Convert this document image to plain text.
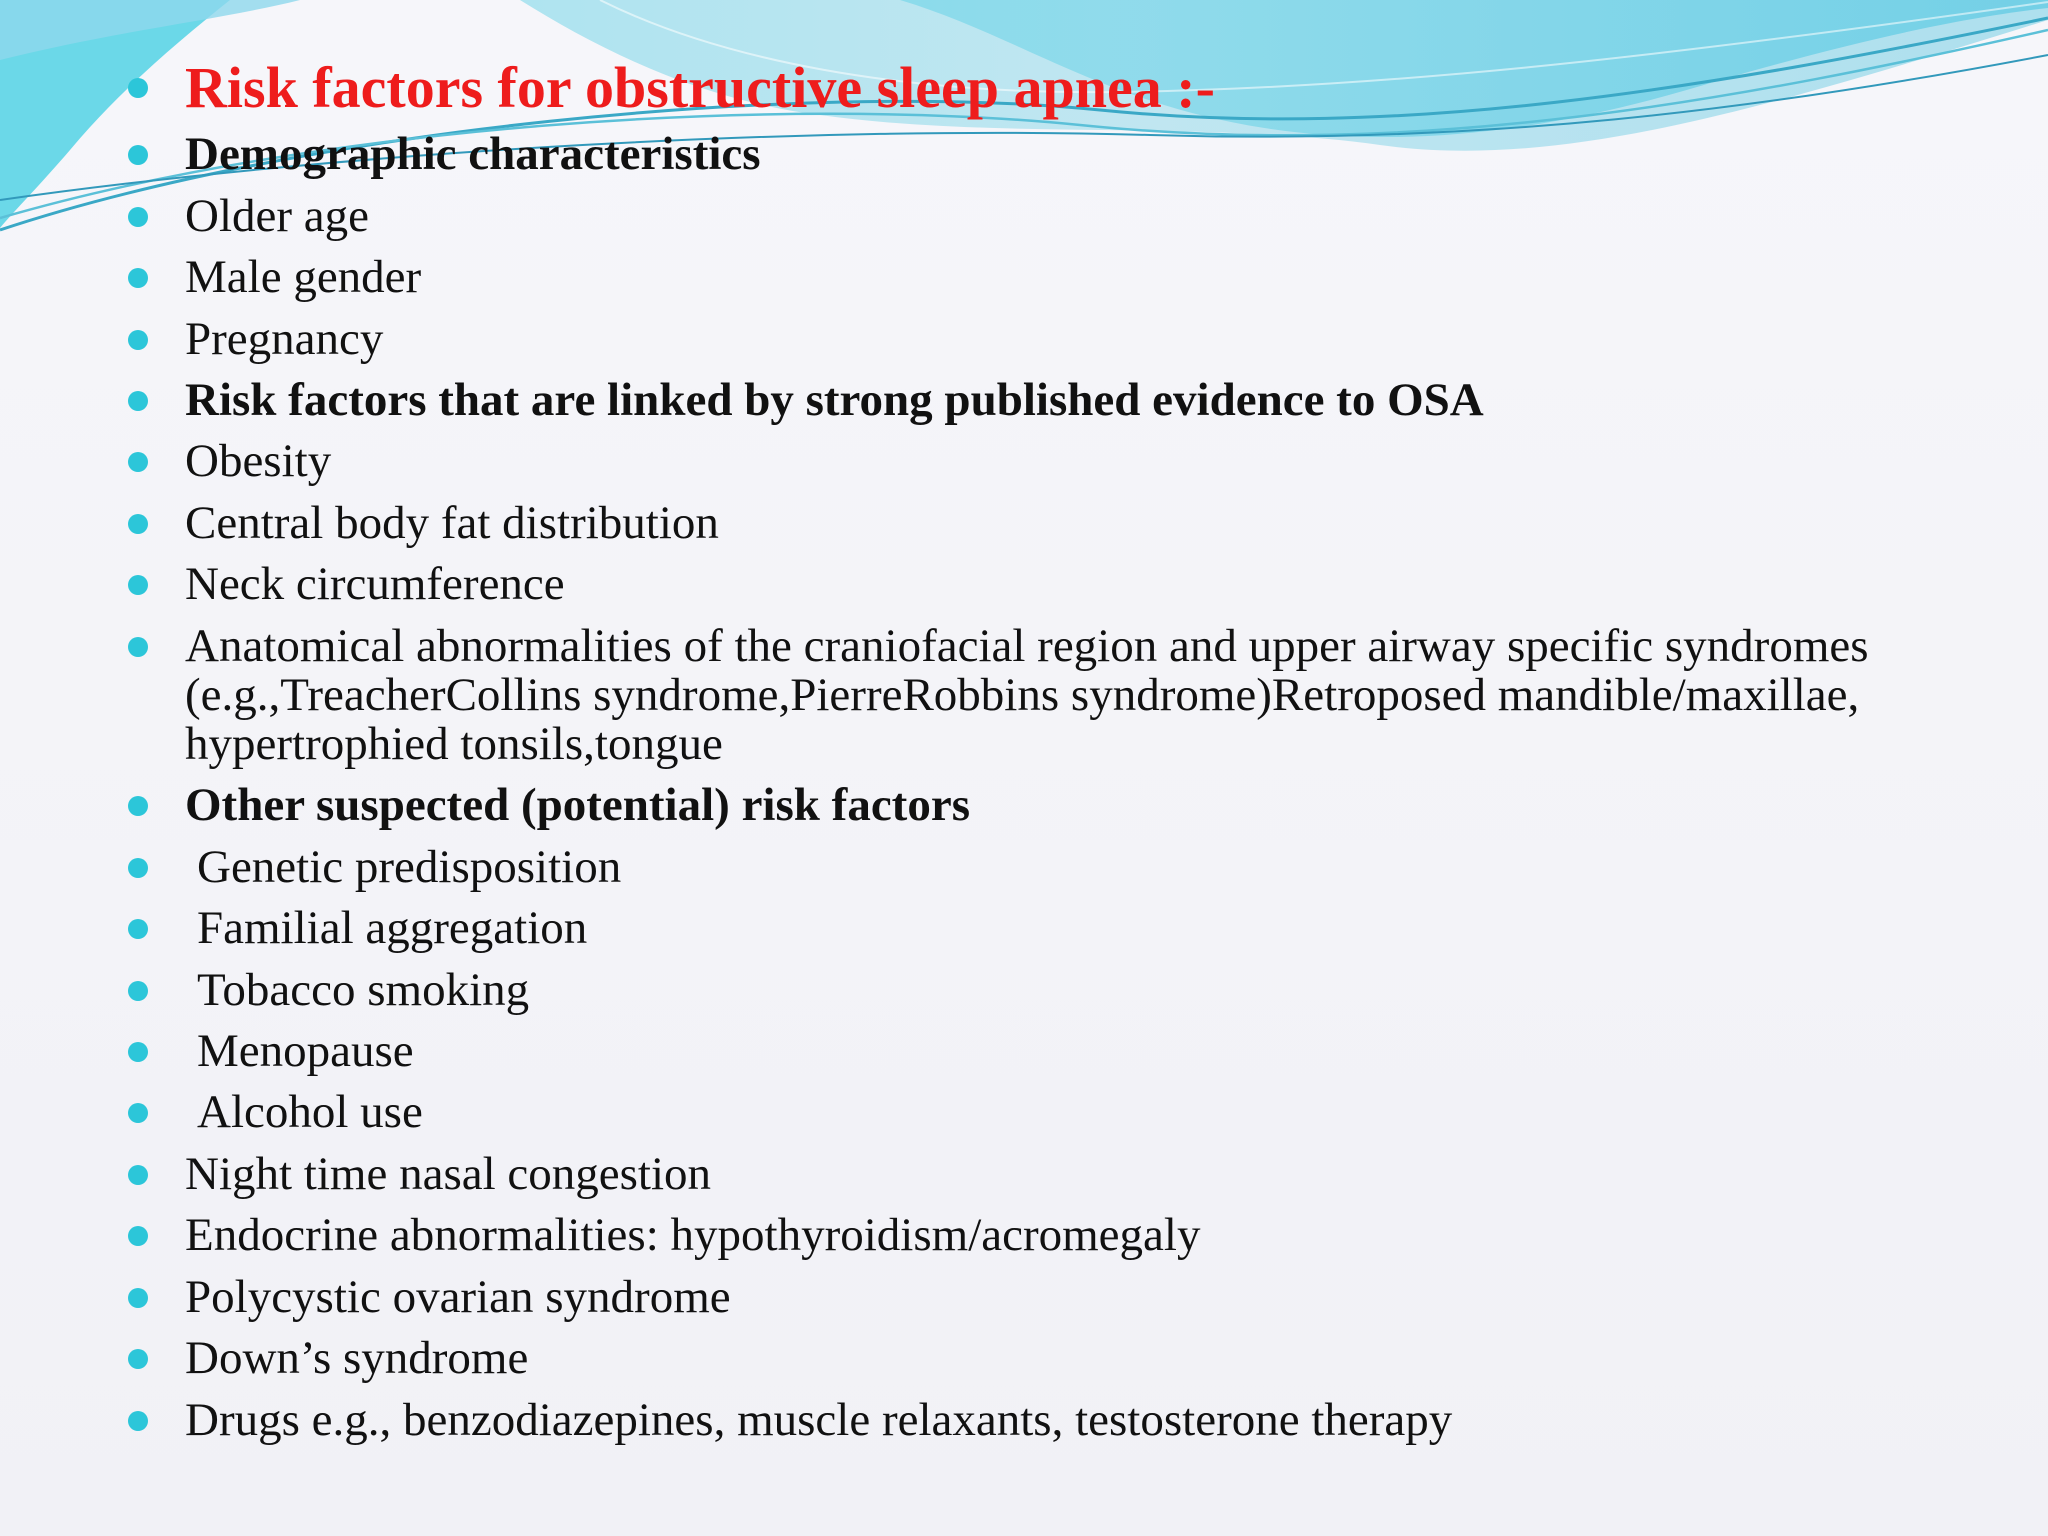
Risk factors for obstructive sleep apnea :-
Demographic characteristics
Older age
Male gender
Pregnancy
Risk factors that are linked by strong published evidence to OSA
Obesity
Central body fat distribution
Neck circumference
Anatomical abnormalities of the craniofacial region and upper airway specific syndromes (e.g.,TreacherCollins syndrome,PierreRobbins syndrome)Retroposed mandible/maxillae, hypertrophied tonsils,tongue
Other suspected (potential) risk factors
Genetic predisposition
Familial aggregation
Tobacco smoking
Menopause
Alcohol use
Night time nasal congestion
Endocrine abnormalities: hypothyroidism/acromegaly
Polycystic ovarian syndrome
Down’s syndrome
Drugs e.g., benzodiazepines, muscle relaxants, testosterone therapy
